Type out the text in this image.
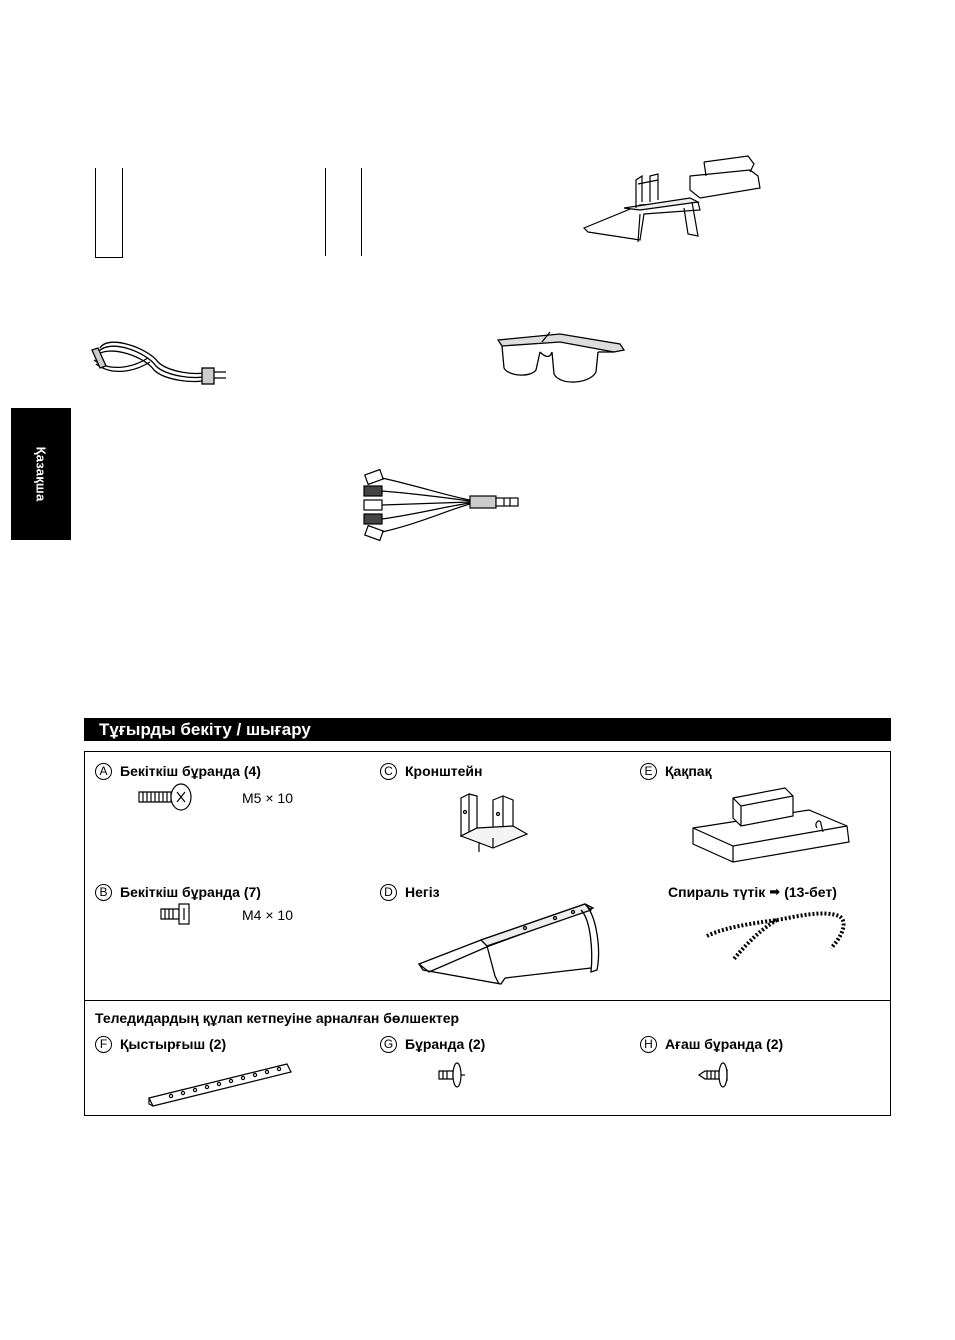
Қазақша
Тұғырды бекіту / шығару
A Бекіткіш бұранда (4)
M5 × 10
B Бекіткіш бұранда (7)
M4 × 10
C Кронштейн
D Негіз
E Қақпақ
Спираль түтік ➡ (13-бет)
Теледидардың құлап кетпеуіне арналған бөлшектер
F Қыстырғыш (2)	G Бұранда (2)	H Ағаш бұранда (2)
